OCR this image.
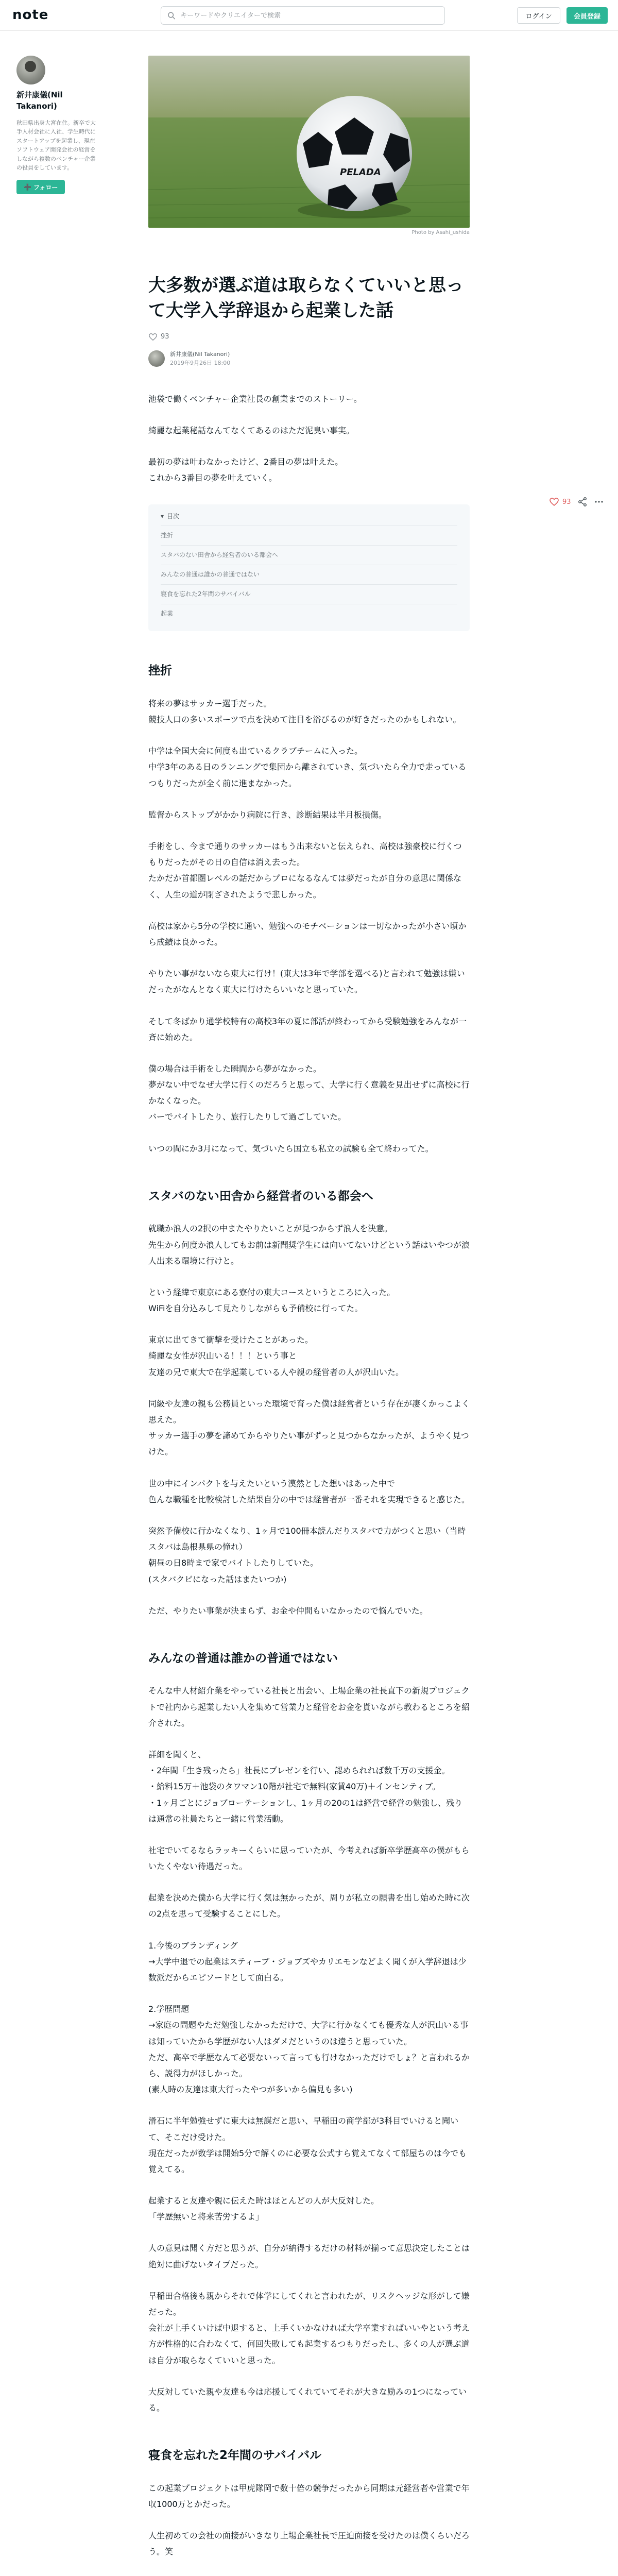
note
キーワードやクリエイターで検索	ログイン	会員登録
新井康儀(Nil Takanori)
秋田県出身大宮在住。新卒で大手人材会社に入社、学生時代にスタートアップを起業し、現在ソフトウェア開発会社の経営をしながら複数のベンチャー企業の役員をしています。
➕ フォロー
PELADA
Photo by Asahi_ushida
93
大多数が選ぶ道は取らなくていいと思って大学入学辞退から起業した話
93
新井康儀(Nil Takanori)
2019年9月26日 18:00

池袋で働くベンチャー企業社長の創業までのストーリー。

綺麗な起業秘話なんてなくてあるのはただ泥臭い事実。

最初の夢は叶わなかったけど、2番目の夢は叶えた。
これから3番目の夢を叶えていく。

▾ 目次
挫折
スタバのない田舎から経営者のいる都会へ
みんなの普通は誰かの普通ではない
寝食を忘れた2年間のサバイバル
起業
挫折

将来の夢はサッカー選手だった。
競技人口の多いスポーツで点を決めて注目を浴びるのが好きだったのかもしれない。

中学は全国大会に何度も出ているクラブチームに入った。
中学3年のある日のランニングで集団から離されていき、気づいたら全力で走っているつもりだったが全く前に進まなかった。

監督からストップがかかり病院に行き、診断結果は半月板損傷。

手術をし、今まで通りのサッカーはもう出来ないと伝えられ、高校は強豪校に行くつもりだったがその日の自信は消え去った。
たかだか首都圏レベルの話だからプロになるなんては夢だったが自分の意思に関係なく、人生の道が閉ざされたようで悲しかった。

高校は家から5分の学校に通い、勉強へのモチベーションは一切なかったが小さい頃から成績は良かった。

やりたい事がないなら東大に行け！(東大は3年で学部を選べる)と言われて勉強は嫌いだったがなんとなく東大に行けたらいいなと思っていた。

そして冬ばかり通学校特有の高校3年の夏に部活が終わってから受験勉強をみんなが一斉に始めた。

僕の場合は手術をした瞬間から夢がなかった。
夢がない中でなぜ大学に行くのだろうと思って、大学に行く意義を見出せずに高校に行かなくなった。
バーでバイトしたり、旅行したりして過ごしていた。

いつの間にか3月になって、気づいたら国立も私立の試験も全て終わってた。

スタバのない田舎から経営者のいる都会へ

就職か浪人の2択の中またやりたいことが見つからず浪人を決意。
先生から何度か浪人してもお前は新聞奨学生には向いてないけどという話はいやつが浪人出来る環境に行けと。

という経緯で東京にある寮付の東大コースというところに入った。
WiFiを自分込みして見たりしながらも予備校に行ってた。

東京に出てきて衝撃を受けたことがあった。
綺麗な女性が沢山いる！！！という事と
友達の兄で東大で在学起業している人や親の経営者の人が沢山いた。

同級や友達の親も公務員といった環境で育った僕は経営者という存在が凄くかっこよく思えた。
サッカー選手の夢を諦めてからやりたい事がずっと見つからなかったが、ようやく見つけた。

世の中にインパクトを与えたいという漠然とした想いはあった中で
色んな職種を比較検討した結果自分の中では経営者が一番それを実現できると感じた。

突然予備校に行かなくなり、1ヶ月で100冊本読んだりスタバで力がつくと思い（当時スタバは島根県県の憧れ）
朝昼の日8時まで家でバイトしたりしていた。
(スタバクビになった話はまたいつか)

ただ、やりたい事業が決まらず、お金や仲間もいなかったので悩んでいた。

みんなの普通は誰かの普通ではない

そんな中人材紹介業をやっている社長と出会い、上場企業の社長直下の新規プロジェクトで社内から起業したい人を集めて営業力と経営をお金を貰いながら教わるところを紹介された。

詳細を聞くと、
・2年間「生き残ったら」社長にプレゼンを行い、認められれば数千万の支援金。
・給料15万＋池袋のタワマン10階が社宅で無料(家賃40万)＋インセンティブ。
・1ヶ月ごとにジョブローテーションし、1ヶ月の20の1は経営で経営の勉強し、残りは通常の社員たちと一緒に営業活動。

社宅でいてるならラッキーくらいに思っていたが、今考えれば新卒学歴高卒の僕がもらいたくやない待遇だった。

起業を決めた僕から大学に行く気は無かったが、周りが私立の願書を出し始めた時に次の2点を思って受験することにした。

1.今後のブランディング
→大学中退での起業はスティーブ・ジョブズやカリエモンなどよく聞くが入学辞退は少数派だからエピソードとして面白る。

2.学歴問題
→家庭の問題やただ勉強しなかっただけで、大学に行かなくても優秀な人が沢山いる事は知っていたから学歴がない人はダメだというのは違うと思っていた。
ただ、高卒で学歴なんて必要ないって言っても行けなかっただけでしょ？と言われるから、説得力がほしかった。
(素人時の友達は東大行ったやつが多いから偏見も多い)

滑石に半年勉強せずに東大は無謀だと思い、早稲田の商学部が3科目でいけると聞いて、そこだけ受けた。
現在だったが数学は開始5分で解くのに必要な公式すら覚えてなくて部屋ちのは今でも覚えてる。

起業すると友達や親に伝えた時はほとんどの人が大反対した。
「学歴無いと将来苦労するよ」

人の意見は聞く方だと思うが、自分が納得するだけの材料が揃って意思決定したことは絶対に曲げないタイプだった。

早稲田合格後も親からそれで体学にしてくれと言われたが、リスクヘッジな形がして嫌だった。
会社が上手くいけば中退すると、上手くいかなければ大学卒業すればいいやという考え方が性格的に合わなくて、何回失敗しても起業するつもりだったし、多くの人が選ぶ道は自分が取らなくていいと思った。

大反対していた親や友達も今は応援してくれていてそれが大きな励みの1つになっている。

寝食を忘れた2年間のサバイバル

この起業プロジェクトは甲虎隊岡で数十倍の競争だったから同期は元経営者や営業で年収1000万とかだった。

人生初めての会社の面接がいきなり上場企業社長で圧迫面接を受けたのは僕くらいだろう。笑
